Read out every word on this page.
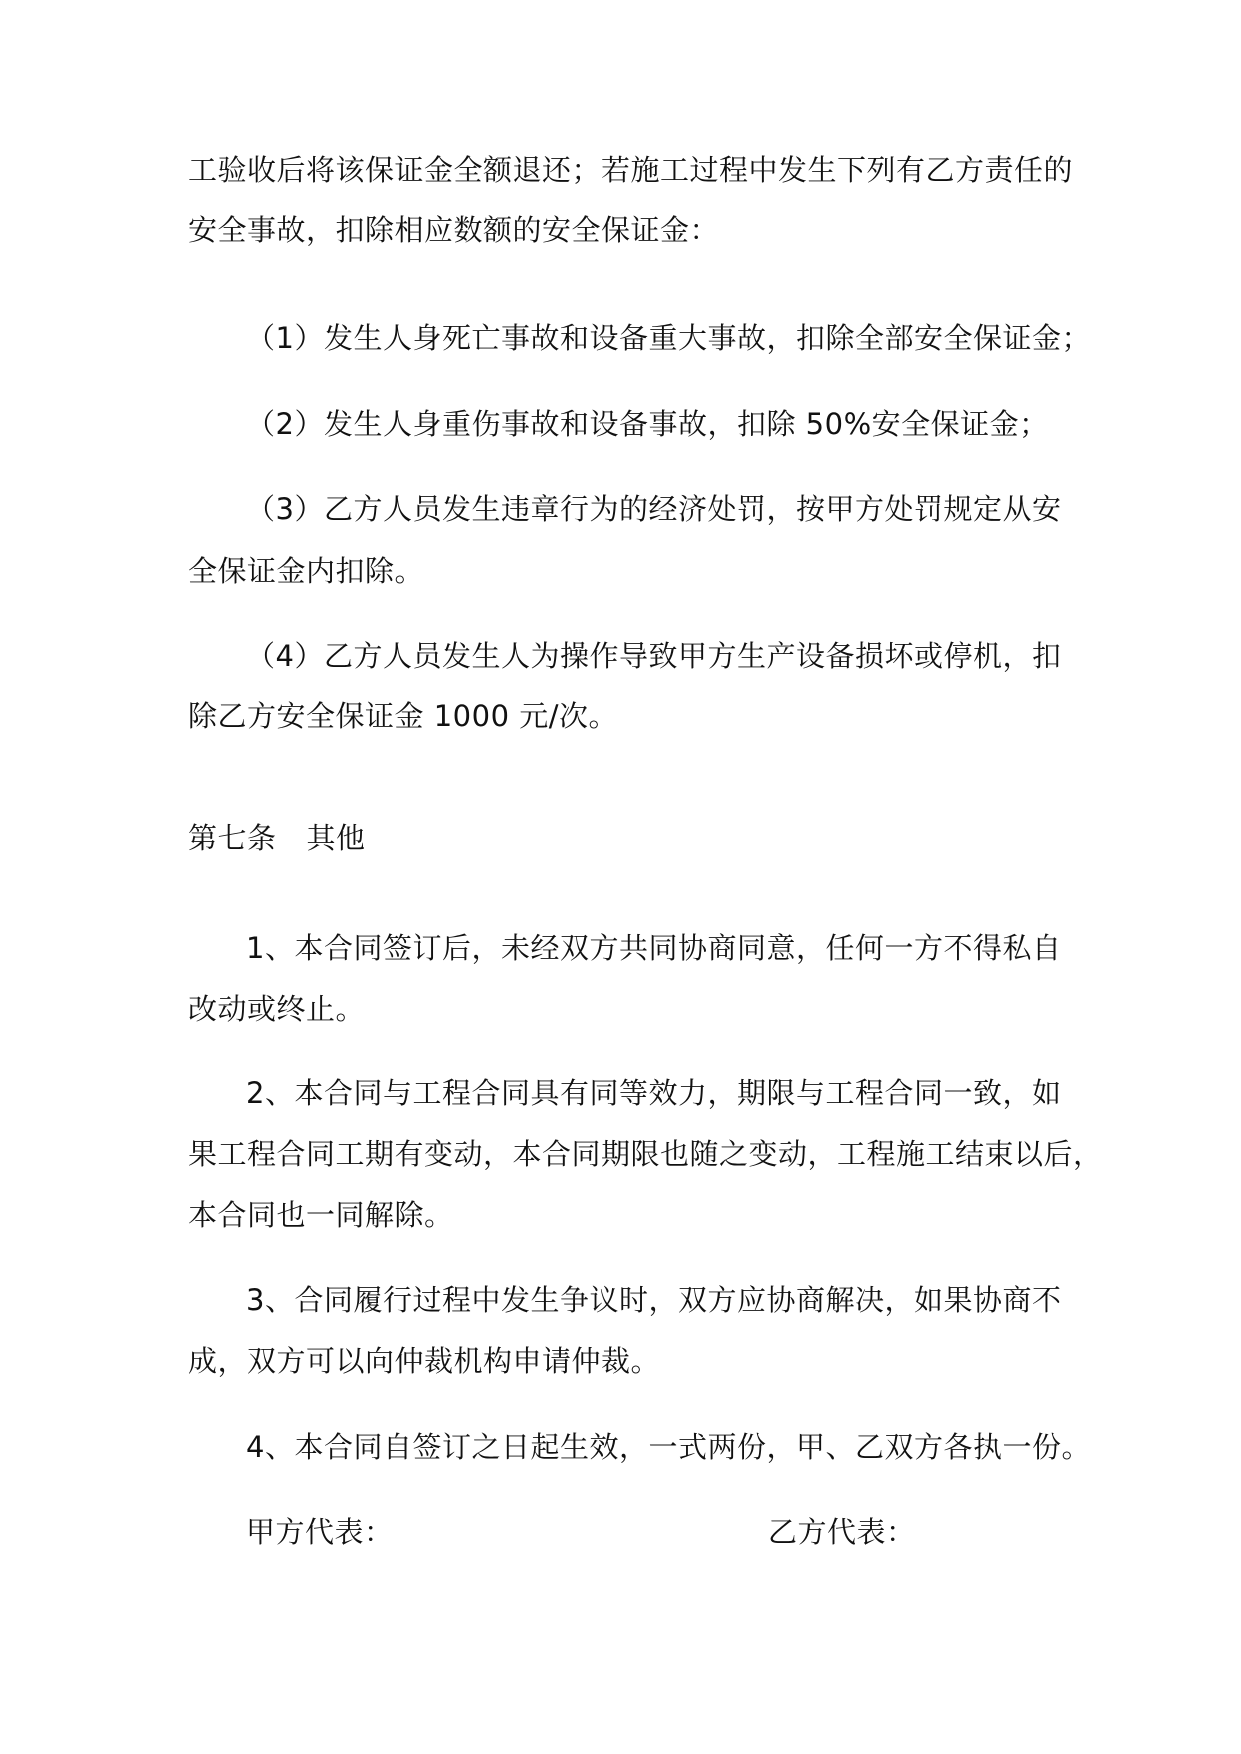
工验收后将该保证金全额退还；若施工过程中发生下列有乙方责任的
安全事故，扣除相应数额的安全保证金：
（1）发生人身死亡事故和设备重大事故，扣除全部安全保证金；
（2）发生人身重伤事故和设备事故，扣除 50%安全保证金；
（3）乙方人员发生违章行为的经济处罚，按甲方处罚规定从安
全保证金内扣除。
（4）乙方人员发生人为操作导致甲方生产设备损坏或停机，扣
除乙方安全保证金 1000 元/次。
第七条 其他
1、本合同签订后，未经双方共同协商同意，任何一方不得私自
改动或终止。
2、本合同与工程合同具有同等效力，期限与工程合同一致，如
果工程合同工期有变动，本合同期限也随之变动，工程施工结束以后，
本合同也一同解除。
3、合同履行过程中发生争议时，双方应协商解决，如果协商不
成，双方可以向仲裁机构申请仲裁。
4、本合同自签订之日起生效，一式两份，甲、乙双方各执一份。
甲方代表：	乙方代表：
